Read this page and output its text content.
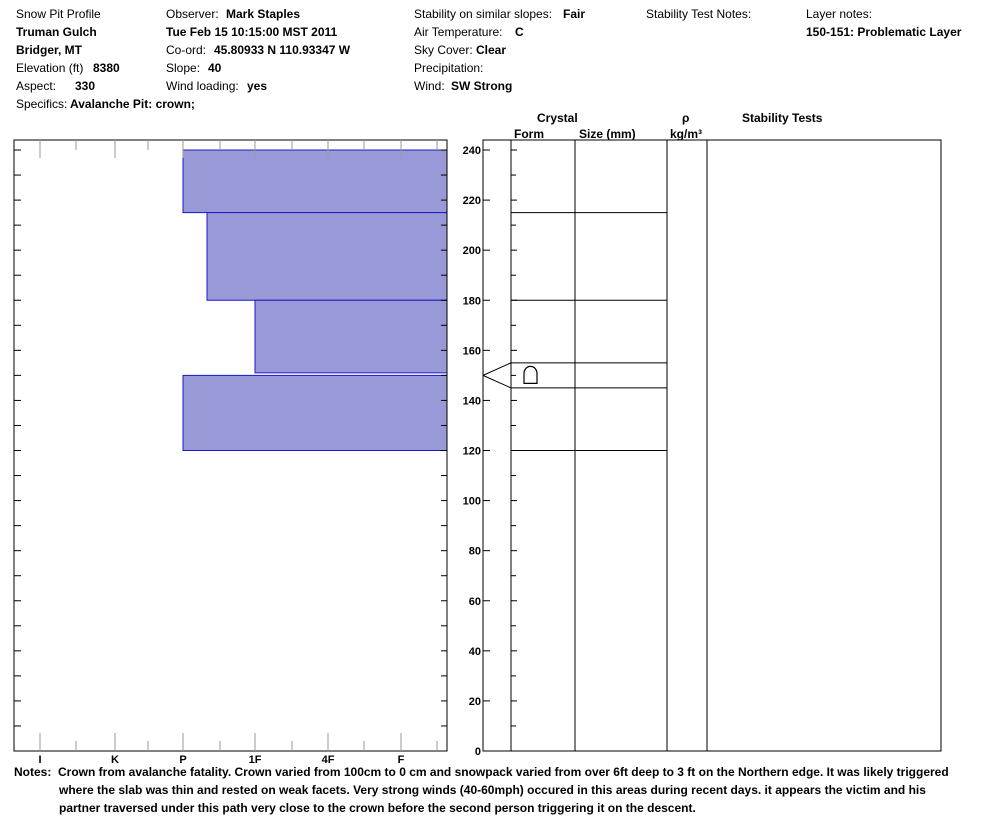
Snow Pit Profile
Truman Gulch
Bridger, MT
Elevation (ft) 8380
Aspect: 330
Specifics: Avalanche Pit: crown;
Observer: Mark Staples
Tue Feb 15 10:15:00 MST 2011
Co-ord: 45.80933 N 110.93347 W
Slope: 40
Wind loading: yes
Stability on similar slopes: Fair
Air Temperature: C
Sky Cover: Clear
Precipitation:
Wind: SW Strong
Stability Test Notes:	Layer notes:
150-151: Problematic Layer
Crystal
Form	Size (mm)
ρ
kg/m³
Stability Tests
I	K	P	1F	4F	F
0
20
40
60
80
100
120
140
160
180
200
220
240
Notes: Crown from avalanche fatality. Crown varied from 100cm to 0 cm and snowpack varied from over 6ft deep to 3 ft on the Northern edge. It was likely triggered
where the slab was thin and rested on weak facets. Very strong winds (40-60mph) occured in this areas during recent days. it appears the victim and his
partner traversed under this path very close to the crown before the second person triggering it on the descent.
